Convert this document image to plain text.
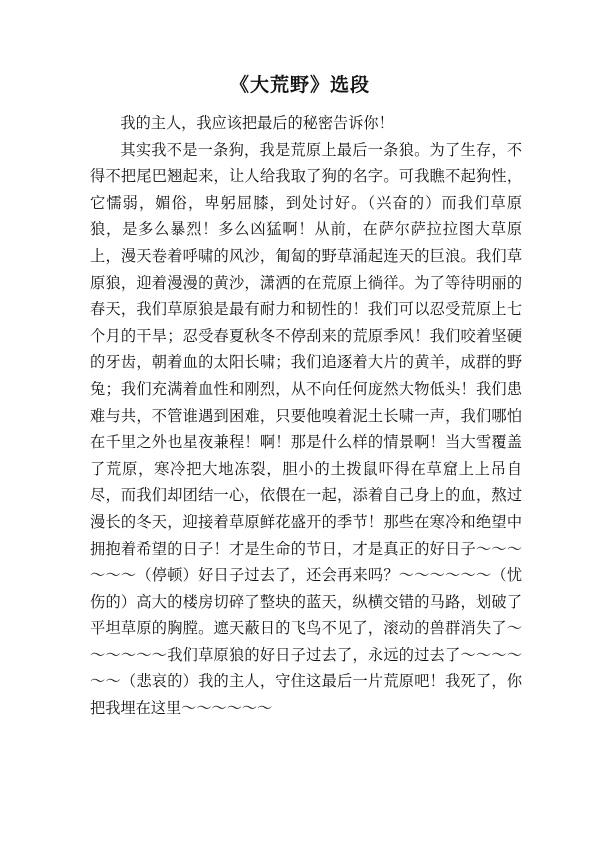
《大荒野》选段

我的主人，我应该把最后的秘密告诉你！

其实我不是一条狗，我是荒原上最后一条狼。为了生存，不得不把尾巴翘起来，让人给我取了狗的名字。可我瞧不起狗性，它懦弱，媚俗，卑躬屈膝，到处讨好。（兴奋的）而我们草原狼，是多么暴烈！多么凶猛啊！从前，在萨尔萨拉拉图大草原上，漫天卷着呼啸的风沙，匍匐的野草涌起连天的巨浪。我们草原狼，迎着漫漫的黄沙，潇洒的在荒原上徜徉。为了等待明丽的春天，我们草原狼是最有耐力和韧性的！我们可以忍受荒原上七个月的干旱；忍受春夏秋冬不停刮来的荒原季风！我们咬着坚硬的牙齿，朝着血的太阳长啸；我们追逐着大片的黄羊，成群的野兔；我们充满着血性和刚烈，从不向任何庞然大物低头！我们患难与共，不管谁遇到困难，只要他嗅着泥土长啸一声，我们哪怕在千里之外也星夜兼程！啊！那是什么样的情景啊！当大雪覆盖了荒原，寒冷把大地冻裂，胆小的土拨鼠吓得在草窟上上吊自尽，而我们却团结一心，依偎在一起，添着自己身上的血，熬过漫长的冬天，迎接着草原鲜花盛开的季节！那些在寒冷和绝望中拥抱着希望的日子！才是生命的节日，才是真正的好日子～～～～～～（停顿）好日子过去了，还会再来吗？～～～～～～（忧伤的）高大的楼房切碎了整块的蓝天，纵横交错的马路，划破了平坦草原的胸膛。遮天蔽日的飞鸟不见了，滚动的兽群消失了～～～～～～我们草原狼的好日子过去了，永远的过去了～～～～～～（悲哀的）我的主人，守住这最后一片荒原吧！我死了，你把我埋在这里～～～～～～
